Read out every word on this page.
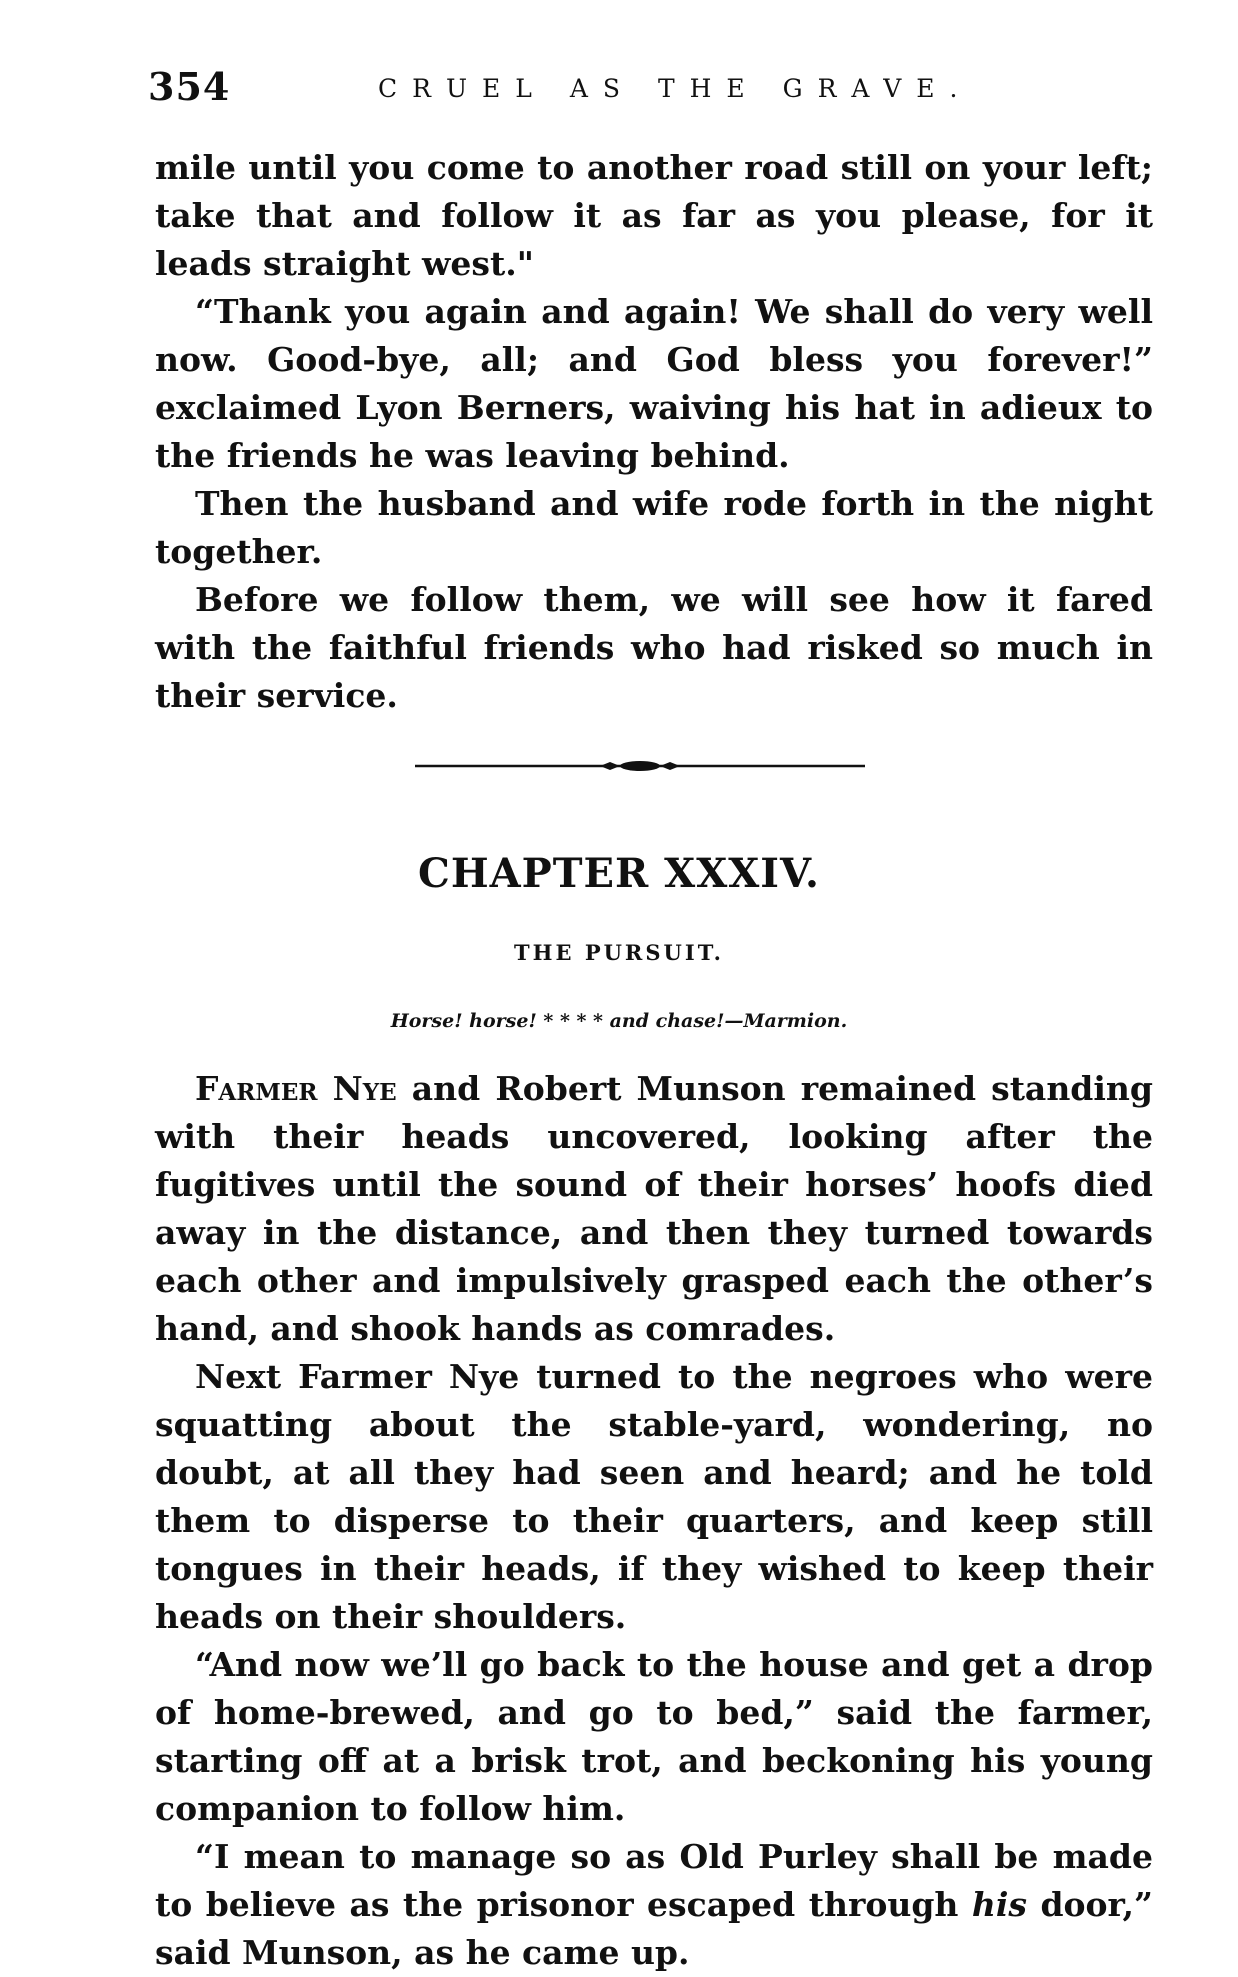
354	CRUEL AS THE GRAVE.

mile until you come to another road still on your left; take that and follow it as far as you please, for it leads straight west."

“Thank you again and again! We shall do very well now. Good-bye, all; and God bless you forever!” exclaimed Lyon Berners, waiving his hat in adieux to the friends he was leaving behind.

Then the husband and wife rode forth in the night together.

Before we follow them, we will see how it fared with the faithful friends who had risked so much in their service.

CHAPTER XXXIV.
THE PURSUIT.
Horse! horse! * * * * and chase!—Marmion.

Farmer Nye and Robert Munson remained standing with their heads uncovered, looking after the fugitives until the sound of their horses’ hoofs died away in the distance, and then they turned towards each other and impulsively grasped each the other’s hand, and shook hands as comrades.

Next Farmer Nye turned to the negroes who were squatting about the stable-yard, wondering, no doubt, at all they had seen and heard; and he told them to disperse to their quarters, and keep still tongues in their heads, if they wished to keep their heads on their shoulders.

“And now we’ll go back to the house and get a drop of home-brewed, and go to bed,” said the farmer, starting off at a brisk trot, and beckoning his young companion to follow him.

“I mean to manage so as Old Purley shall be made to believe as the prisonor escaped through his door,” said Munson, as he came up.
